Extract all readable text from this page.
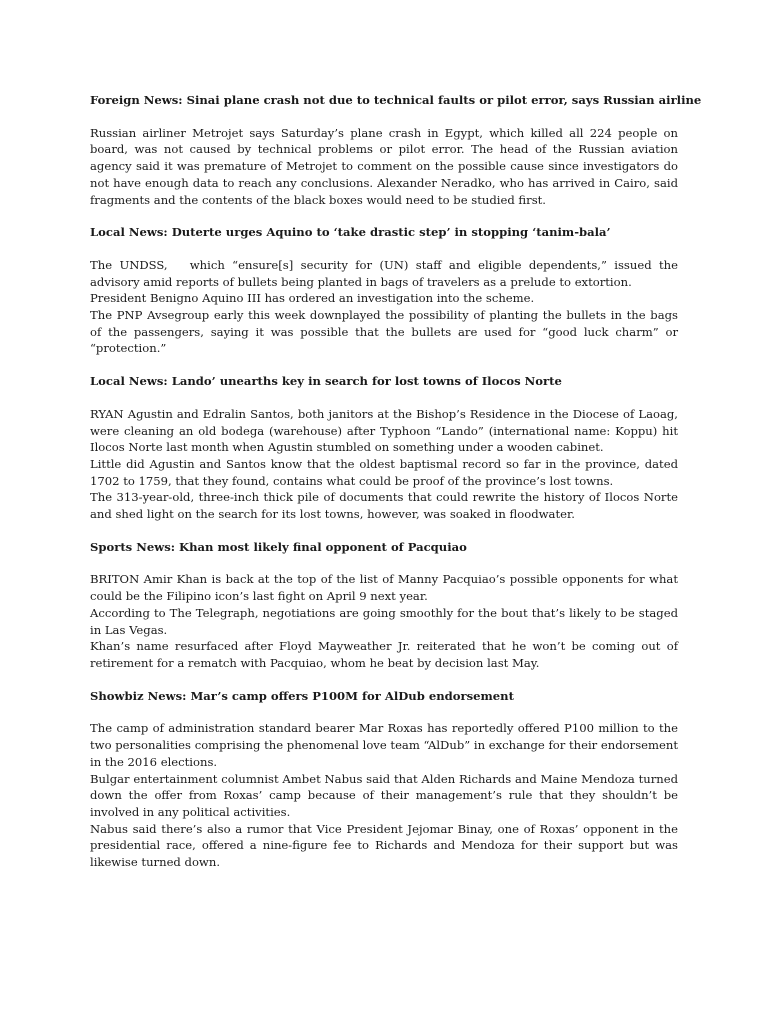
Foreign News: Sinai plane crash not due to technical faults or pilot error, says Russian airline

Russian airliner Metrojet says Saturday’s plane crash in Egypt, which killed all 224 people on board, was not caused by technical problems or pilot error. The head of the Russian aviation agency said it was premature of Metrojet to comment on the possible cause since investigators do not have enough data to reach any conclusions. Alexander Neradko, who has arrived in Cairo, said fragments and the contents of the black boxes would need to be studied first.

Local News: Duterte urges Aquino to ‘take drastic step’ in stopping ‘tanim-bala’

The UNDSS,   which “ensure[s] security for (UN) staff and eligible dependents,” issued the advisory amid reports of bullets being planted in bags of travelers as a prelude to extortion.

President Benigno Aquino III has ordered an investigation into the scheme.

The PNP Avsegroup early this week downplayed the possibility of planting the bullets in the bags of the passengers, saying it was possible that the bullets are used for “good luck charm” or “protection.”

Local News: Lando’ unearths key in search for lost towns of Ilocos Norte

RYAN Agustin and Edralin Santos, both janitors at the Bishop’s Residence in the Diocese of Laoag, were cleaning an old bodega (warehouse) after Typhoon “Lando” (international name: Koppu) hit Ilocos Norte last month when Agustin stumbled on something under a wooden cabinet.

Little did Agustin and Santos know that the oldest baptismal record so far in the province, dated 1702 to 1759, that they found, contains what could be proof of the province’s lost towns.

The 313-year-old, three-inch thick pile of documents that could rewrite the history of Ilocos Norte and shed light on the search for its lost towns, however, was soaked in floodwater.

Sports News: Khan most likely final opponent of Pacquiao

BRITON Amir Khan is back at the top of the list of Manny Pacquiao’s possible opponents for what could be the Filipino icon’s last fight on April 9 next year.

According to The Telegraph, negotiations are going smoothly for the bout that’s likely to be staged in Las Vegas.

Khan’s name resurfaced after Floyd Mayweather Jr. reiterated that he won’t be coming out of retirement for a rematch with Pacquiao, whom he beat by decision last May.

Showbiz News: Mar’s camp offers P100M for AlDub endorsement

The camp of administration standard bearer Mar Roxas has reportedly offered P100 million to the two personalities comprising the phenomenal love team “AlDub” in exchange for their endorsement in the 2016 elections.

Bulgar entertainment columnist Ambet Nabus said that Alden Richards and Maine Mendoza turned down the offer from Roxas’ camp because of their management’s rule that they shouldn’t be involved in any political activities.

Nabus said there’s also a rumor that Vice President Jejomar Binay, one of Roxas’ opponent in the presidential race, offered a nine-figure fee to Richards and Mendoza for their support but was likewise turned down.
